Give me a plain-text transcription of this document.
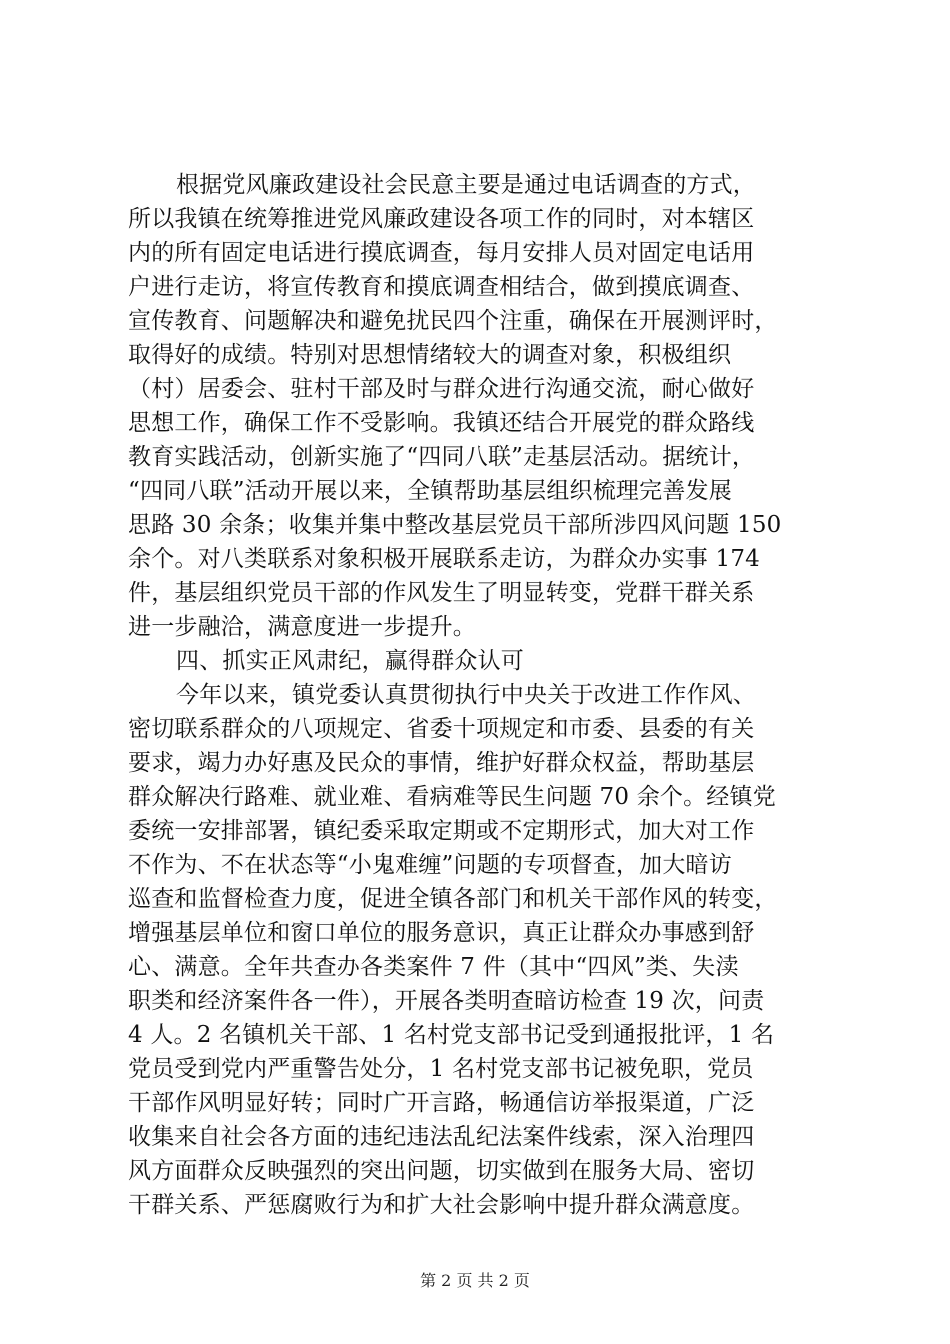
根据党风廉政建设社会民意主要是通过电话调查的方式，
所以我镇在统筹推进党风廉政建设各项工作的同时，对本辖区
内的所有固定电话进行摸底调查，每月安排人员对固定电话用
户进行走访，将宣传教育和摸底调查相结合，做到摸底调查、
宣传教育、问题解决和避免扰民四个注重，确保在开展测评时，
取得好的成绩。特别对思想情绪较大的调查对象，积极组织
（村）居委会、驻村干部及时与群众进行沟通交流，耐心做好
思想工作，确保工作不受影响。我镇还结合开展党的群众路线
教育实践活动，创新实施了“四同八联”走基层活动。据统计，
“四同八联”活动开展以来，全镇帮助基层组织梳理完善发展
思路 30 余条；收集并集中整改基层党员干部所涉四风问题 150
余个。对八类联系对象积极开展联系走访，为群众办实事 174
件，基层组织党员干部的作风发生了明显转变，党群干群关系
进一步融洽，满意度进一步提升。
四、抓实正风肃纪，赢得群众认可
今年以来，镇党委认真贯彻执行中央关于改进工作作风、
密切联系群众的八项规定、省委十项规定和市委、县委的有关
要求，竭力办好惠及民众的事情，维护好群众权益，帮助基层
群众解决行路难、就业难、看病难等民生问题 70 余个。经镇党
委统一安排部署，镇纪委采取定期或不定期形式，加大对工作
不作为、不在状态等“小鬼难缠”问题的专项督查，加大暗访
巡查和监督检查力度，促进全镇各部门和机关干部作风的转变，
增强基层单位和窗口单位的服务意识，真正让群众办事感到舒
心、满意。全年共查办各类案件 7 件（其中“四风”类、失渎
职类和经济案件各一件），开展各类明查暗访检查 19 次，问责
4 人。2 名镇机关干部、1 名村党支部书记受到通报批评，1 名
党员受到党内严重警告处分，1 名村党支部书记被免职，党员
干部作风明显好转；同时广开言路，畅通信访举报渠道，广泛
收集来自社会各方面的违纪违法乱纪法案件线索，深入治理四
风方面群众反映强烈的突出问题，切实做到在服务大局、密切
干群关系、严惩腐败行为和扩大社会影响中提升群众满意度。
第 2 页 共 2 页
